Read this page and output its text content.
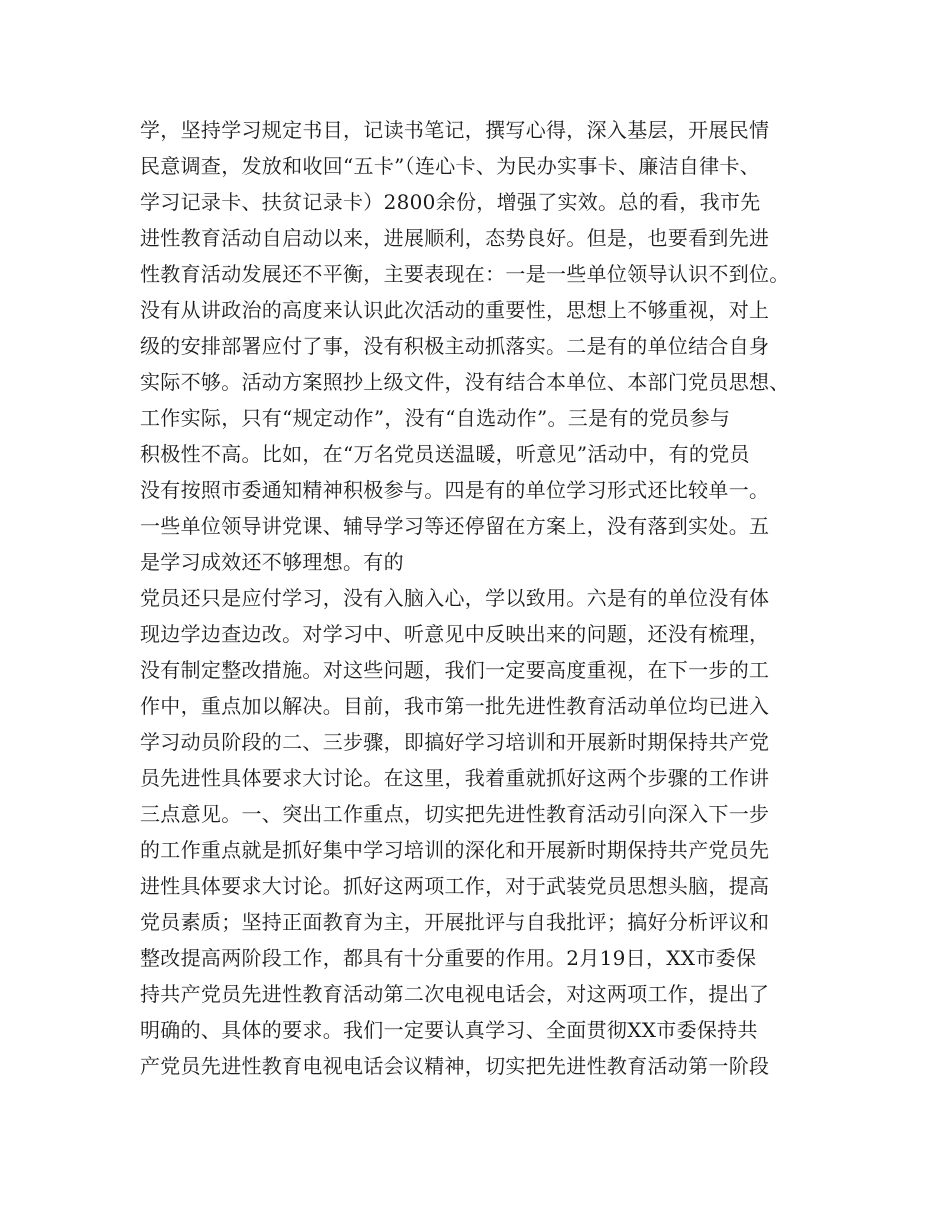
学，坚持学习规定书目，记读书笔记，撰写心得，深入基层，开展民情
民意调查，发放和收回“五卡”（连心卡、为民办实事卡、廉洁自律卡、
学习记录卡、扶贫记录卡）2800余份，增强了实效。总的看，我市先
进性教育活动自启动以来，进展顺利，态势良好。但是，也要看到先进
性教育活动发展还不平衡，主要表现在：一是一些单位领导认识不到位。
没有从讲政治的高度来认识此次活动的重要性，思想上不够重视，对上
级的安排部署应付了事，没有积极主动抓落实。二是有的单位结合自身
实际不够。活动方案照抄上级文件，没有结合本单位、本部门党员思想、
工作实际，只有“规定动作”，没有“自选动作”。三是有的党员参与
积极性不高。比如，在“万名党员送温暖，听意见”活动中，有的党员
没有按照市委通知精神积极参与。四是有的单位学习形式还比较单一。
一些单位领导讲党课、辅导学习等还停留在方案上，没有落到实处。五
是学习成效还不够理想。有的
党员还只是应付学习，没有入脑入心，学以致用。六是有的单位没有体
现边学边查边改。对学习中、听意见中反映出来的问题，还没有梳理，
没有制定整改措施。对这些问题，我们一定要高度重视，在下一步的工
作中，重点加以解决。目前，我市第一批先进性教育活动单位均已进入
学习动员阶段的二、三步骤，即搞好学习培训和开展新时期保持共产党
员先进性具体要求大讨论。在这里，我着重就抓好这两个步骤的工作讲
三点意见。一、突出工作重点，切实把先进性教育活动引向深入下一步
的工作重点就是抓好集中学习培训的深化和开展新时期保持共产党员先
进性具体要求大讨论。抓好这两项工作，对于武装党员思想头脑，提高
党员素质；坚持正面教育为主，开展批评与自我批评；搞好分析评议和
整改提高两阶段工作，都具有十分重要的作用。2月19日，XX市委保
持共产党员先进性教育活动第二次电视电话会，对这两项工作，提出了
明确的、具体的要求。我们一定要认真学习、全面贯彻XX市委保持共
产党员先进性教育电视电话会议精神，切实把先进性教育活动第一阶段
